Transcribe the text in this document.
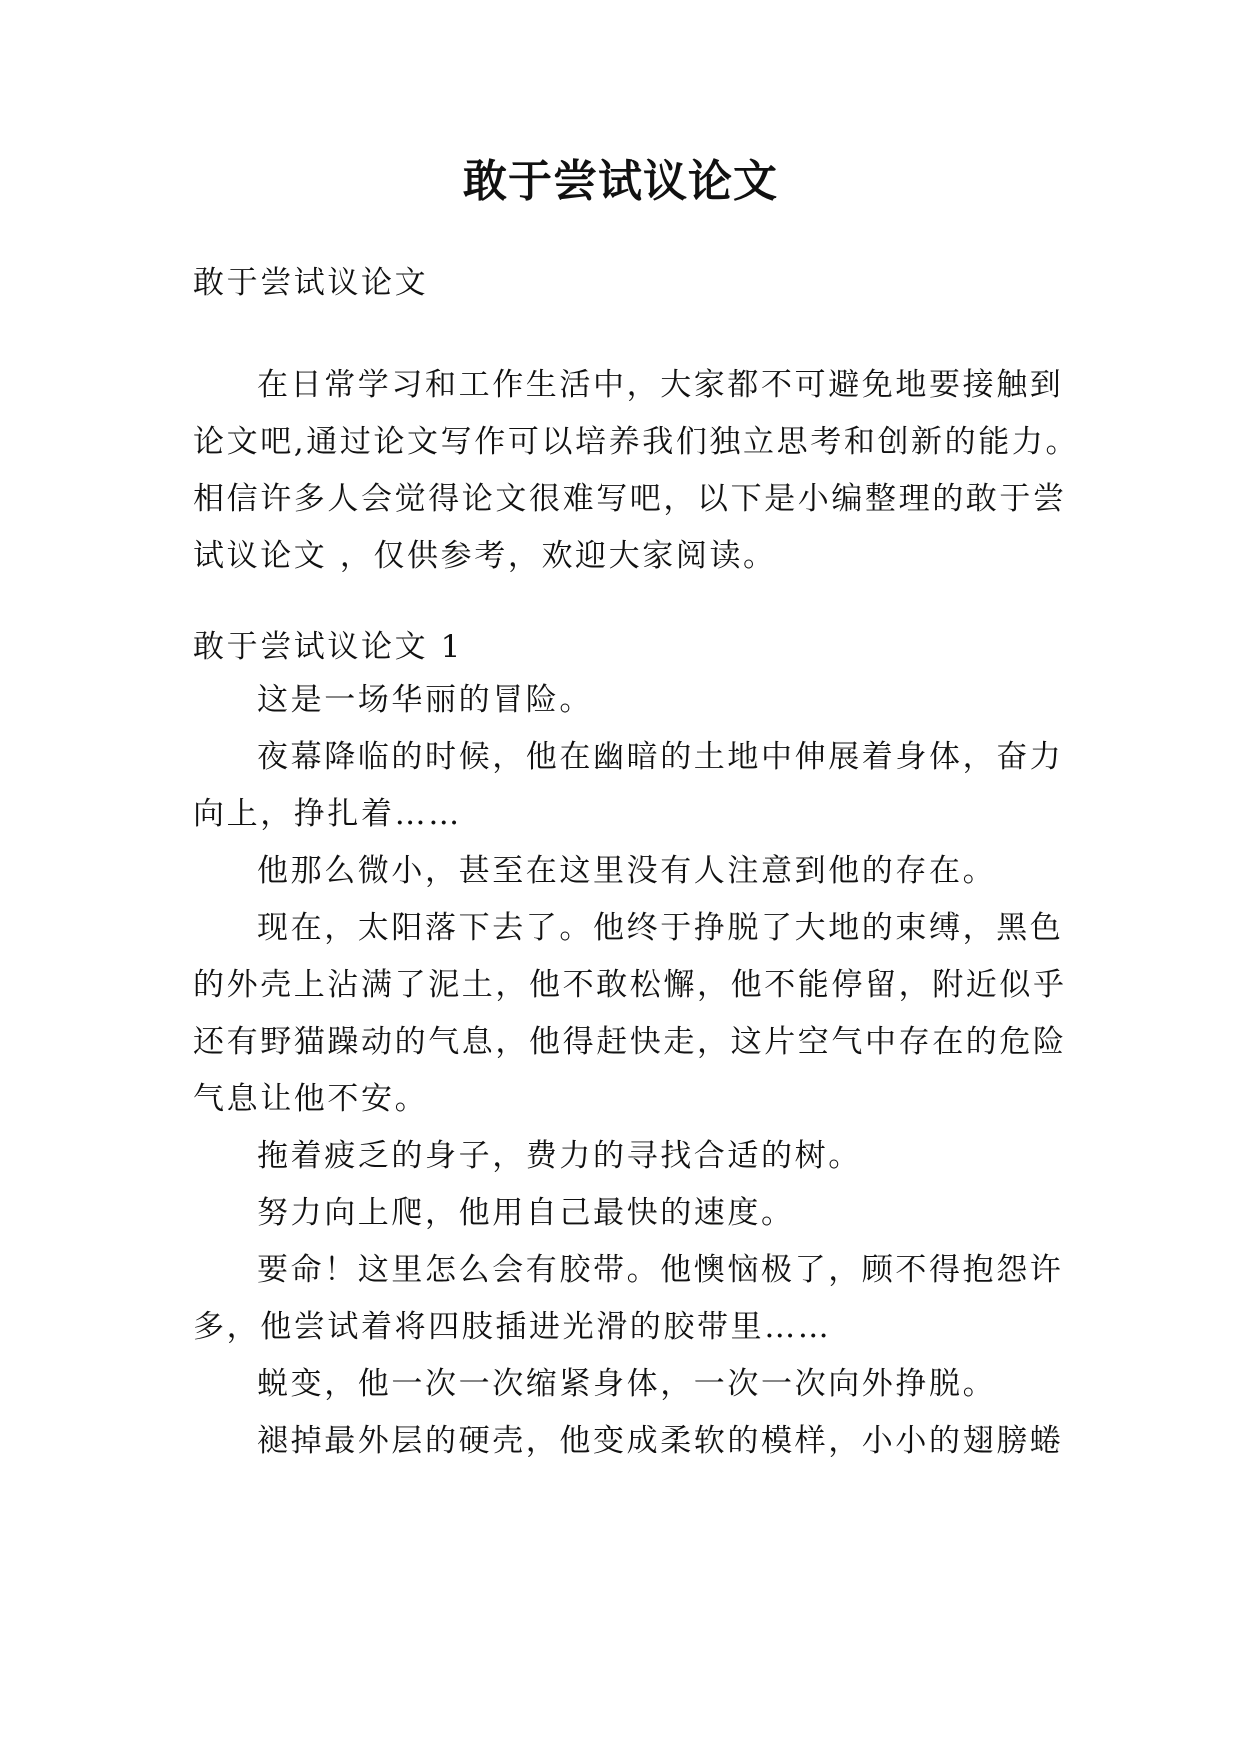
敢于尝试议论文

敢于尝试议论文

在日常学习和工作生活中，大家都不可避免地要接触到
论文吧,通过论文写作可以培养我们独立思考和创新的能力。
相信许多人会觉得论文很难写吧，以下是小编整理的敢于尝
试议论文 ，仅供参考，欢迎大家阅读。

敢于尝试议论文 1

这是一场华丽的冒险。
夜幕降临的时候，他在幽暗的土地中伸展着身体，奋力
向上，挣扎着……
他那么微小，甚至在这里没有人注意到他的存在。
现在，太阳落下去了。他终于挣脱了大地的束缚，黑色
的外壳上沾满了泥土，他不敢松懈，他不能停留，附近似乎
还有野猫躁动的气息，他得赶快走，这片空气中存在的危险
气息让他不安。
拖着疲乏的身子，费力的寻找合适的树。
努力向上爬，他用自己最快的速度。
要命！这里怎么会有胶带。他懊恼极了，顾不得抱怨许
多，他尝试着将四肢插进光滑的胶带里……
蜕变，他一次一次缩紧身体，一次一次向外挣脱。
褪掉最外层的硬壳，他变成柔软的模样，小小的翅膀蜷
